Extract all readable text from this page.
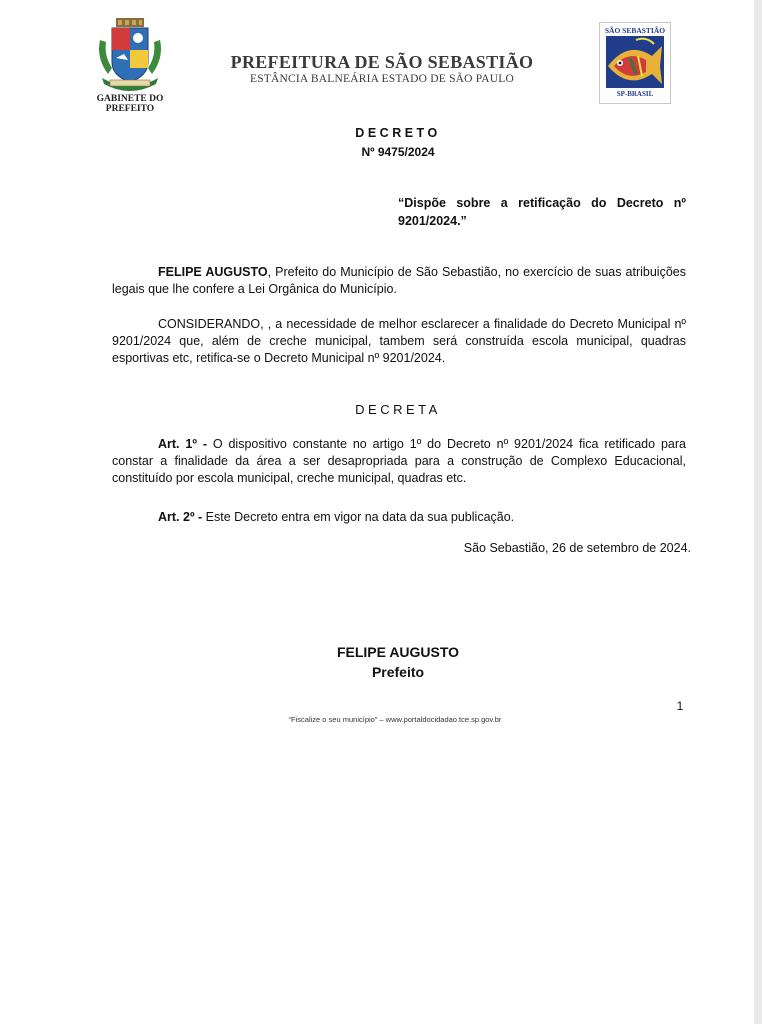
GABINETE DO
PREFEITO
PREFEITURA DE SÃO SEBASTIÃO
ESTÂNCIA BALNEÁRIA ESTADO DE SÃO PAULO
SÃO SEBASTIÃO
SP-BRASIL
DECRETO
Nº 9475/2024
“Dispõe sobre a retificação do Decreto nº 9201/2024.”
FELIPE AUGUSTO, Prefeito do Município de São Sebastião, no exercício de suas atribuições legais que lhe confere a Lei Orgânica do Município.
CONSIDERANDO, , a necessidade de melhor esclarecer a finalidade do Decreto Municipal nº 9201/2024 que, além de creche municipal, tambem será construída escola municipal, quadras esportivas etc, retifica-se o Decreto Municipal nº 9201/2024.
DECRETA
Art. 1º - O dispositivo constante no artigo 1º do Decreto nº 9201/2024 fica retificado para constar a finalidade da área a ser desapropriada para a construção de Complexo Educacional, constituído por escola municipal, creche municipal, quadras etc.
Art. 2º - Este Decreto entra em vigor na data da sua publicação.
São Sebastião, 26 de setembro de 2024.
FELIPE AUGUSTO
Prefeito
1
“Fiscalize o seu município” – www.portaldocidadao.tce.sp.gov.br
